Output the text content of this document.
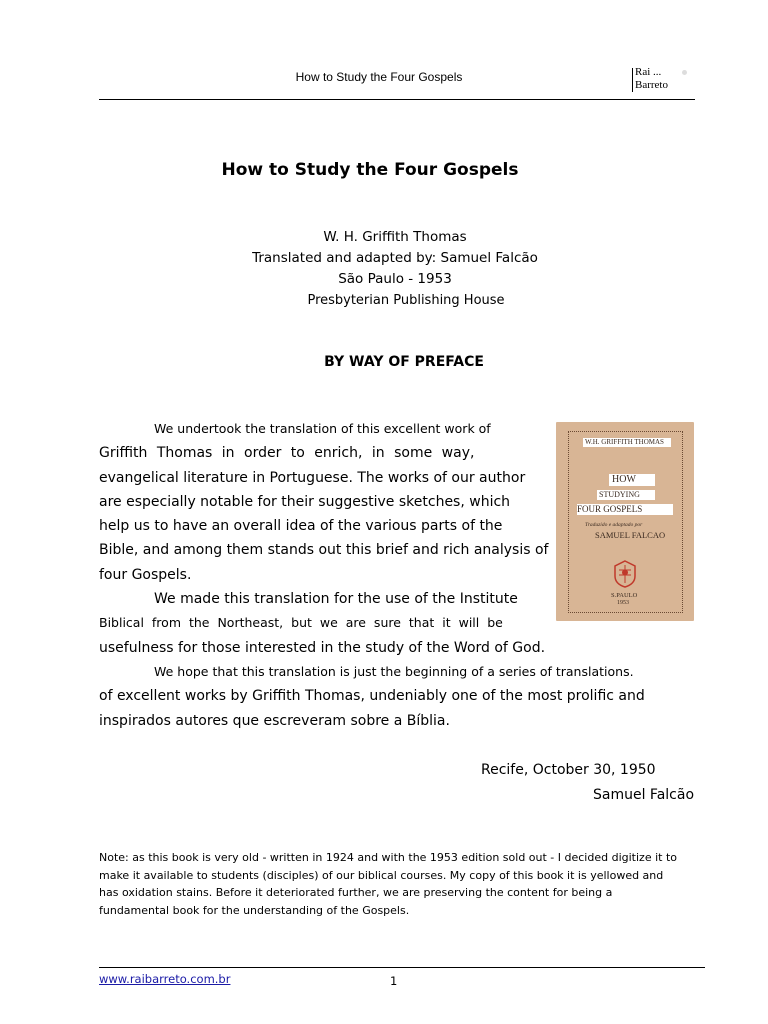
How to Study the Four Gospels	Rai ...
Barreto
How to Study the Four Gospels
W. H. Griffith Thomas
Translated and adapted by: Samuel Falcão
São Paulo - 1953
Presbyterian Publishing House
BY WAY OF PREFACE
We undertook the translation of this excellent work of
Griffith Thomas in order to enrich, in some way,
evangelical literature in Portuguese. The works of our author
are especially notable for their suggestive sketches, which
help us to have an overall idea of the various parts of the
Bible, and among them stands out this brief and rich analysis of
four Gospels.
We made this translation for the use of the Institute
Biblical from the Northeast, but we are sure that it will be
usefulness for those interested in the study of the Word of God.
We hope that this translation is just the beginning of a series of translations.
of excellent works by Griffith Thomas, undeniably one of the most prolific and
inspirados autores que escreveram sobre a Bíblia.
W.H. GRIFFITH THOMAS
HOW
STUDYING
FOUR GOSPELS
Traduzido e adaptado por
SAMUEL FALCAO
S.PAULO
1953
Recife, October 30, 1950
Samuel Falcão
Note: as this book is very old - written in 1924 and with the 1953 edition sold out - I decided digitize it to make it available to students (disciples) of our biblical courses. My copy of this book it is yellowed and has oxidation stains. Before it deteriorated further, we are preserving the content for being a fundamental book for the understanding of the Gospels.
www.raibarreto.com.br	1
